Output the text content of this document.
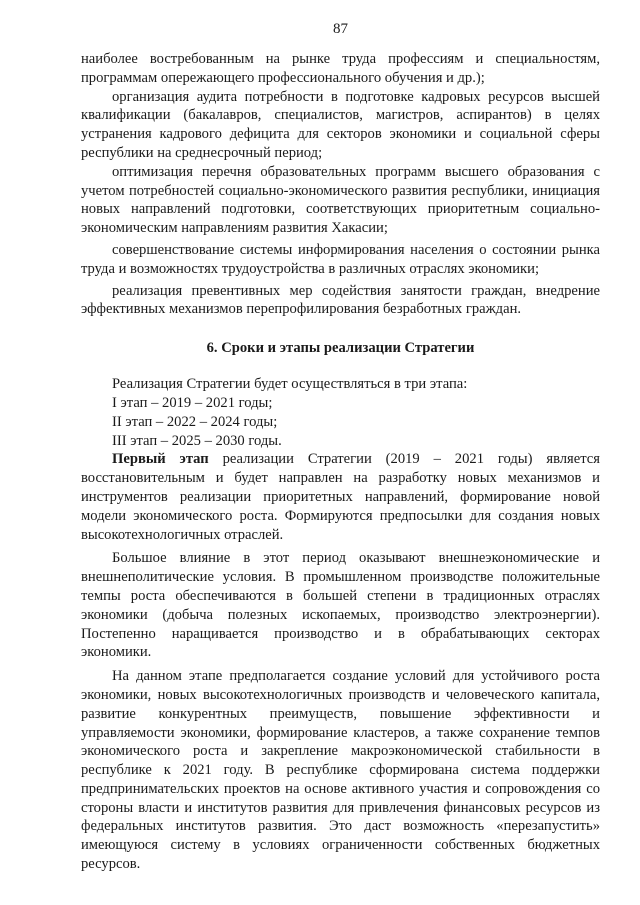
87

наиболее востребованным на рынке труда профессиям и специальностям, программам опережающего профессионального обучения и др.);

организация аудита потребности в подготовке кадровых ресурсов высшей квалификации (бакалавров, специалистов, магистров, аспирантов) в целях устранения кадрового дефицита для секторов экономики и социальной сферы республики на среднесрочный период;

оптимизация перечня образовательных программ высшего образования с учетом потребностей социально-экономического развития республики, инициация новых направлений подготовки, соответствующих приоритетным социально-экономическим направлениям развития Хакасии;

совершенствование системы информирования населения о состоянии рынка труда и возможностях трудоустройства в различных отраслях экономики;

реализация превентивных мер содействия занятости граждан, внедрение эффективных механизмов перепрофилирования безработных граждан.

6. Сроки и этапы реализации Стратегии

Реализация Стратегии будет осуществляться в три этапа:

I этап – 2019 – 2021 годы;

II этап – 2022 – 2024 годы;

III этап – 2025 – 2030 годы.

Первый этап реализации Стратегии (2019 – 2021 годы) является восстановительным и будет направлен на разработку новых механизмов и инструментов реализации приоритетных направлений, формирование новой модели экономического роста. Формируются предпосылки для создания новых высокотехнологичных отраслей.

Большое влияние в этот период оказывают внешнеэкономические и внешнеполитические условия. В промышленном производстве положительные темпы роста обеспечиваются в большей степени в традиционных отраслях экономики (добыча полезных ископаемых, производство электроэнергии). Постепенно наращивается производство и в обрабатывающих секторах экономики.

На данном этапе предполагается создание условий для устойчивого роста экономики, новых высокотехнологичных производств и человеческого капитала, развитие конкурентных преимуществ, повышение эффективности и управляемости экономики, формирование кластеров, а также сохранение темпов экономического роста и закрепление макроэкономической стабильности в республике к 2021 году. В республике сформирована система поддержки предпринимательских проектов на основе активного участия и сопровождения со стороны власти и институтов развития для привлечения финансовых ресурсов из федеральных институтов развития. Это даст возможность «перезапустить» имеющуюся систему в условиях ограниченности собственных бюджетных ресурсов.
